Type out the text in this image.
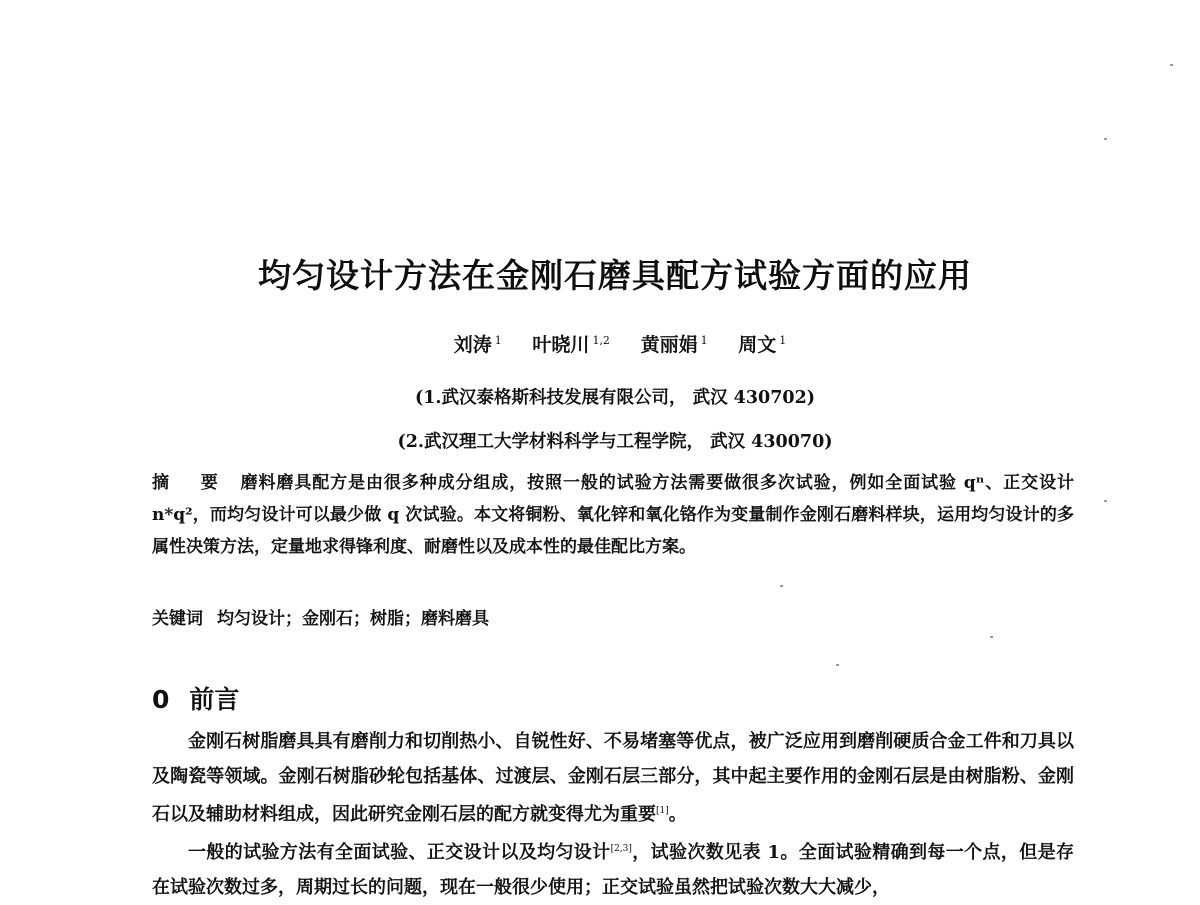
均匀设计方法在金刚石磨具配方试验方面的应用
刘涛 $^1$ 叶晓川 $^{1,2}$ 黄丽娟 $^1$ 周文 $^1$
(1.武汉泰格斯科技发展有限公司， 武汉 430702)
(2.武汉理工大学材料科学与工程学院， 武汉 430070)
摘 要 磨料磨具配方是由很多种成分组成，按照一般的试验方法需要做很多次试验，例如全面试验 qⁿ、正交设计 n*q²，而均匀设计可以最少做 q 次试验。本文将铜粉、氧化锌和氧化铬作为变量制作金刚石磨料样块，运用均匀设计的多属性决策方法，定量地求得锋利度、耐磨性以及成本性的最佳配比方案。
关键词 均匀设计；金刚石；树脂；磨料磨具
0 前言

金刚石树脂磨具具有磨削力和切削热小、自锐性好、不易堵塞等优点，被广泛应用到磨削硬质合金工件和刀具以及陶瓷等领域。金刚石树脂砂轮包括基体、过渡层、金刚石层三部分，其中起主要作用的金刚石层是由树脂粉、金刚石以及辅助材料组成，因此研究金刚石层的配方就变得尤为重要[1]。

一般的试验方法有全面试验、正交设计以及均匀设计[2,3]，试验次数见表 1。全面试验精确到每一个点，但是存在试验次数过多，周期过长的问题，现在一般很少使用；正交试验虽然把试验次数大大减少，
